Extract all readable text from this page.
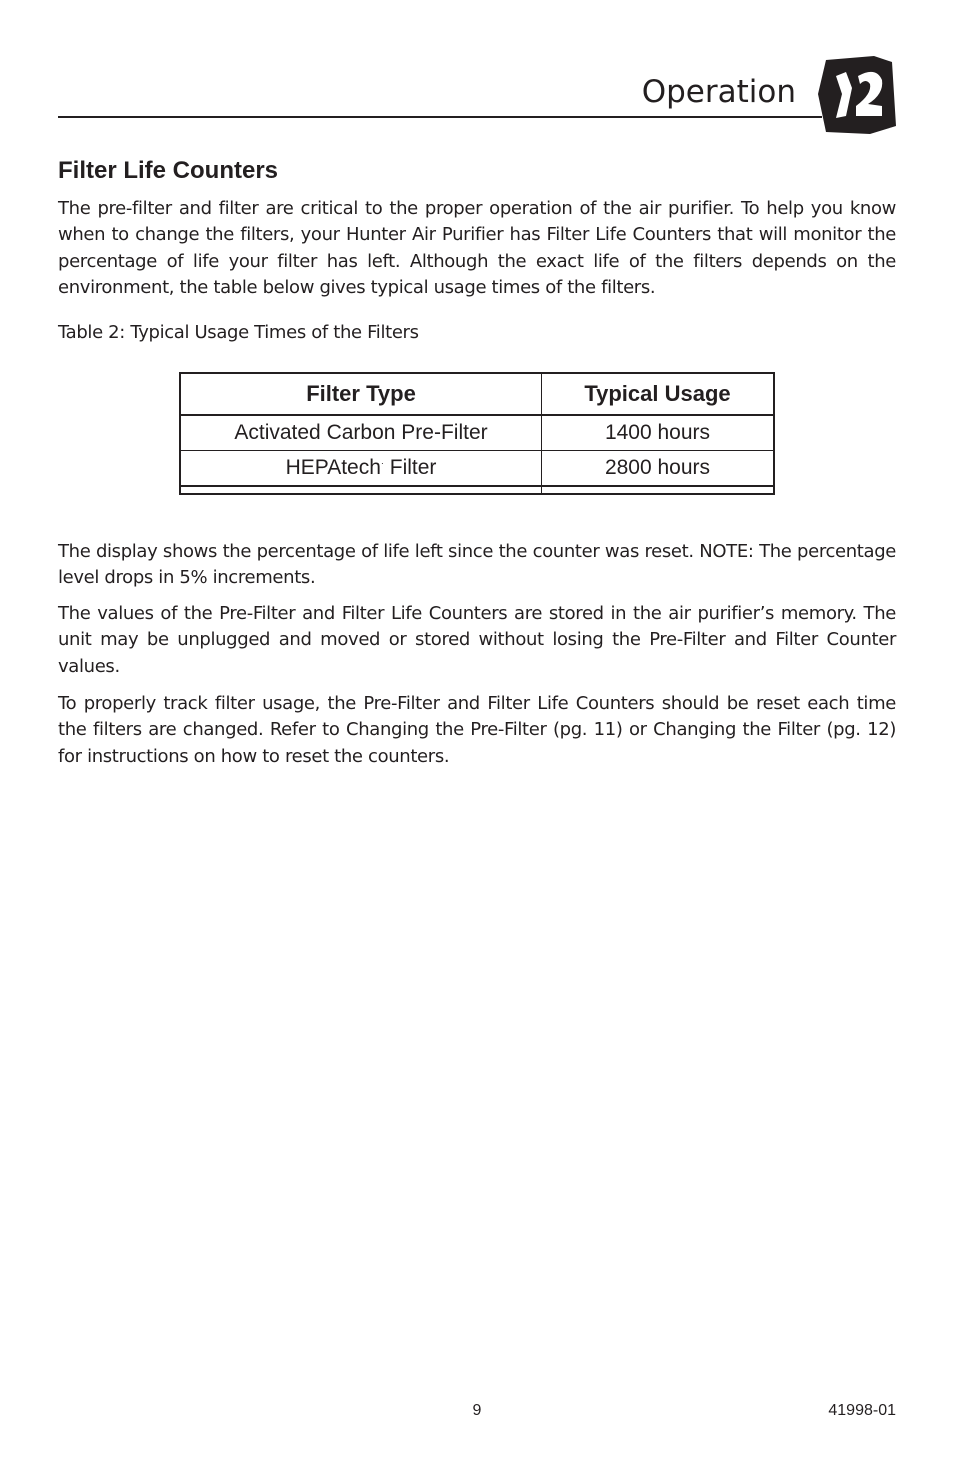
Operation
Filter Life Counters

The pre-filter and filter are critical to the proper operation of the air purifier. To help you know when to change the filters, your Hunter Air Purifier has Filter Life Counters that will monitor the percentage of life your filter has left. Although the exact life of the filters depends on the environment, the table below gives typical usage times of the filters.

Table 2: Typical Usage Times of the Filters

Filter Type	Typical Usage
Activated Carbon Pre-Filter	1400 hours
HEPAtech· Filter	2800 hours

The display shows the percentage of life left since the counter was reset. NOTE: The percentage level drops in 5% increments.

The values of the Pre-Filter and Filter Life Counters are stored in the air purifier’s memory. The unit may be unplugged and moved or stored without losing the Pre-Filter and Filter Counter values.

To properly track filter usage, the Pre-Filter and Filter Life Counters should be reset each time the filters are changed. Refer to Changing the Pre-Filter (pg. 11) or Changing the Filter (pg. 12) for instructions on how to reset the counters.

9	41998-01
